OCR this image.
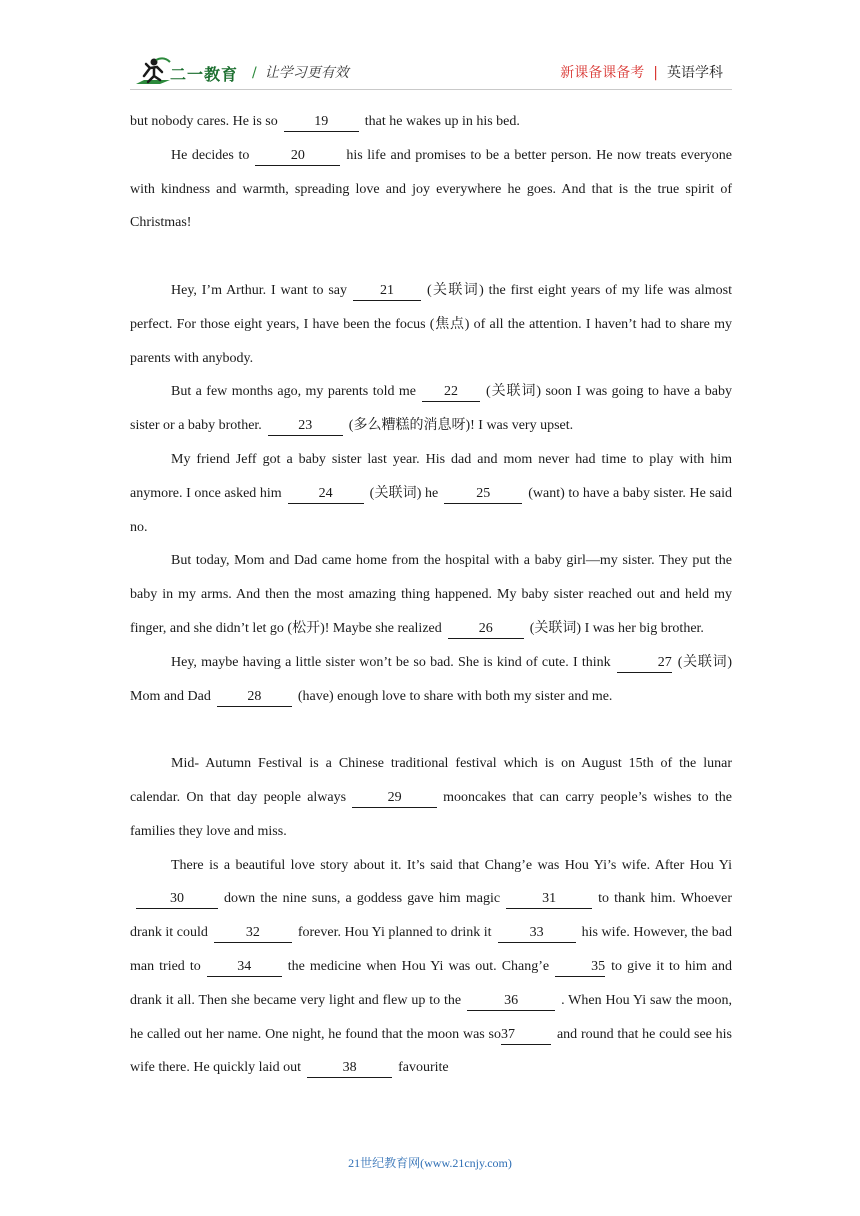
二一教育 / 让学习更有效	新课备课备考 | 英语学科

but nobody cares. He is so	19	that he wakes up in his bed.

He decides to	20	his life and promises to be a better person. He now treats everyone with kindness and warmth, spreading love and joy everywhere he goes. And that is the true spirit of Christmas!

Hey, I’m Arthur. I want to say 21 (关联词) the first eight years of my life was almost perfect. For those eight years, I have been the focus (焦点) of all the attention. I haven’t had to share my parents with anybody.

But a few months ago, my parents told me 22 (关联词) soon I was going to have a baby sister or a baby brother.	23	(多么糟糕的消息呀)! I was very upset.

My friend Jeff got a baby sister last year. His dad and mom never had time to play with him anymore. I once asked him	24	(关联词) he	25	(want) to have a baby sister. He said no.

But today, Mom and Dad came home from the hospital with a baby girl—my sister. They put the baby in my arms. And then the most amazing thing happened. My baby sister reached out and held my finger, and she didn’t let go (松开)! Maybe she realized	26	(关联词) I was her big brother.

Hey, maybe having a little sister won’t be so bad. She is kind of cute. I think	27 (关联词) Mom and Dad	28	(have) enough love to share with both my sister and me.

Mid- Autumn Festival is a Chinese traditional festival which is on August 15th of the lunar calendar. On that day people always	29	mooncakes that can carry people’s wishes to the families they love and miss.

There is a beautiful love story about it. It’s said that Chang’e was Hou Yi’s wife. After Hou Yi30	down the nine suns, a goddess gave him magic	31	to thank him. Whoever drank it could	32	forever. Hou Yi planned to drink it	33	his wife. However, the bad man tried to	34	the medicine when Hou Yi was out. Chang’e	35 to give it to him and drank it all. Then she became very light and flew up to the	36	. When Hou Yi saw the moon, he called out her name. One night, he found that the moon was so37	and round that he could see his wife there. He quickly laid out	38	favourite

21世纪教育网(www.21cnjy.com)
